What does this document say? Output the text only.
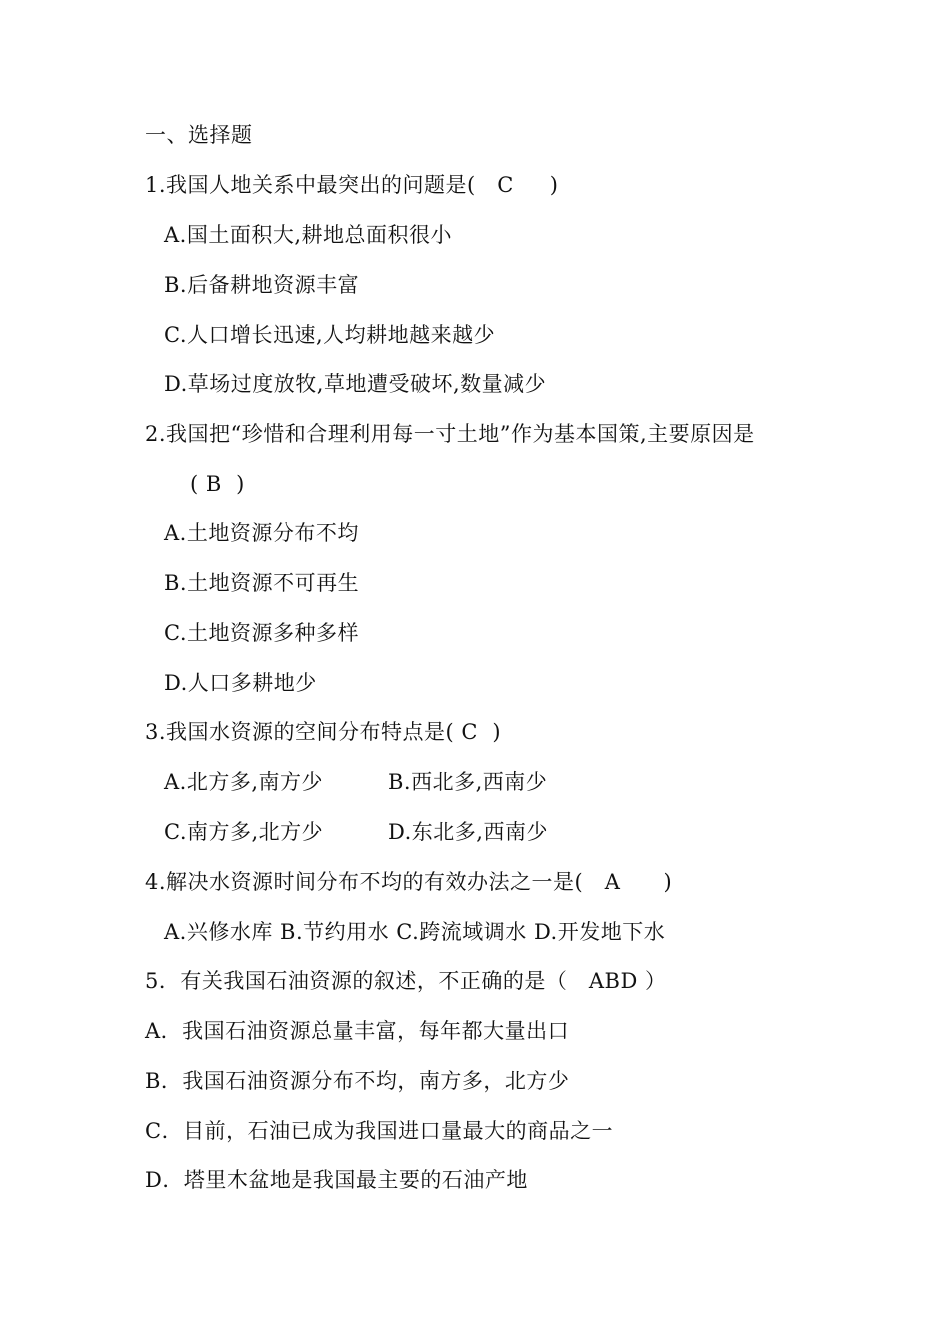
一、选择题
1.我国人地关系中最突出的问题是(   C     )
A.国土面积大,耕地总面积很小
B.后备耕地资源丰富
C.人口增长迅速,人均耕地越来越少
D.草场过度放牧,草地遭受破坏,数量减少
2.我国把“珍惜和合理利用每一寸土地”作为基本国策,主要原因是
( B  )
A.土地资源分布不均
B.土地资源不可再生
C.土地资源多种多样
D.人口多耕地少
3.我国水资源的空间分布特点是( C  )
A.北方多,南方少	B.西北多,西南少
C.南方多,北方少	D.东北多,西南少
4.解决水资源时间分布不均的有效办法之一是(   A      )
A.兴修水库 B.节约用水 C.跨流域调水 D.开发地下水
5．有关我国石油资源的叙述，不正确的是（   ABD ）
A．我国石油资源总量丰富，每年都大量出口
B．我国石油资源分布不均，南方多，北方少
C．目前，石油已成为我国进口量最大的商品之一
D．塔里木盆地是我国最主要的石油产地
